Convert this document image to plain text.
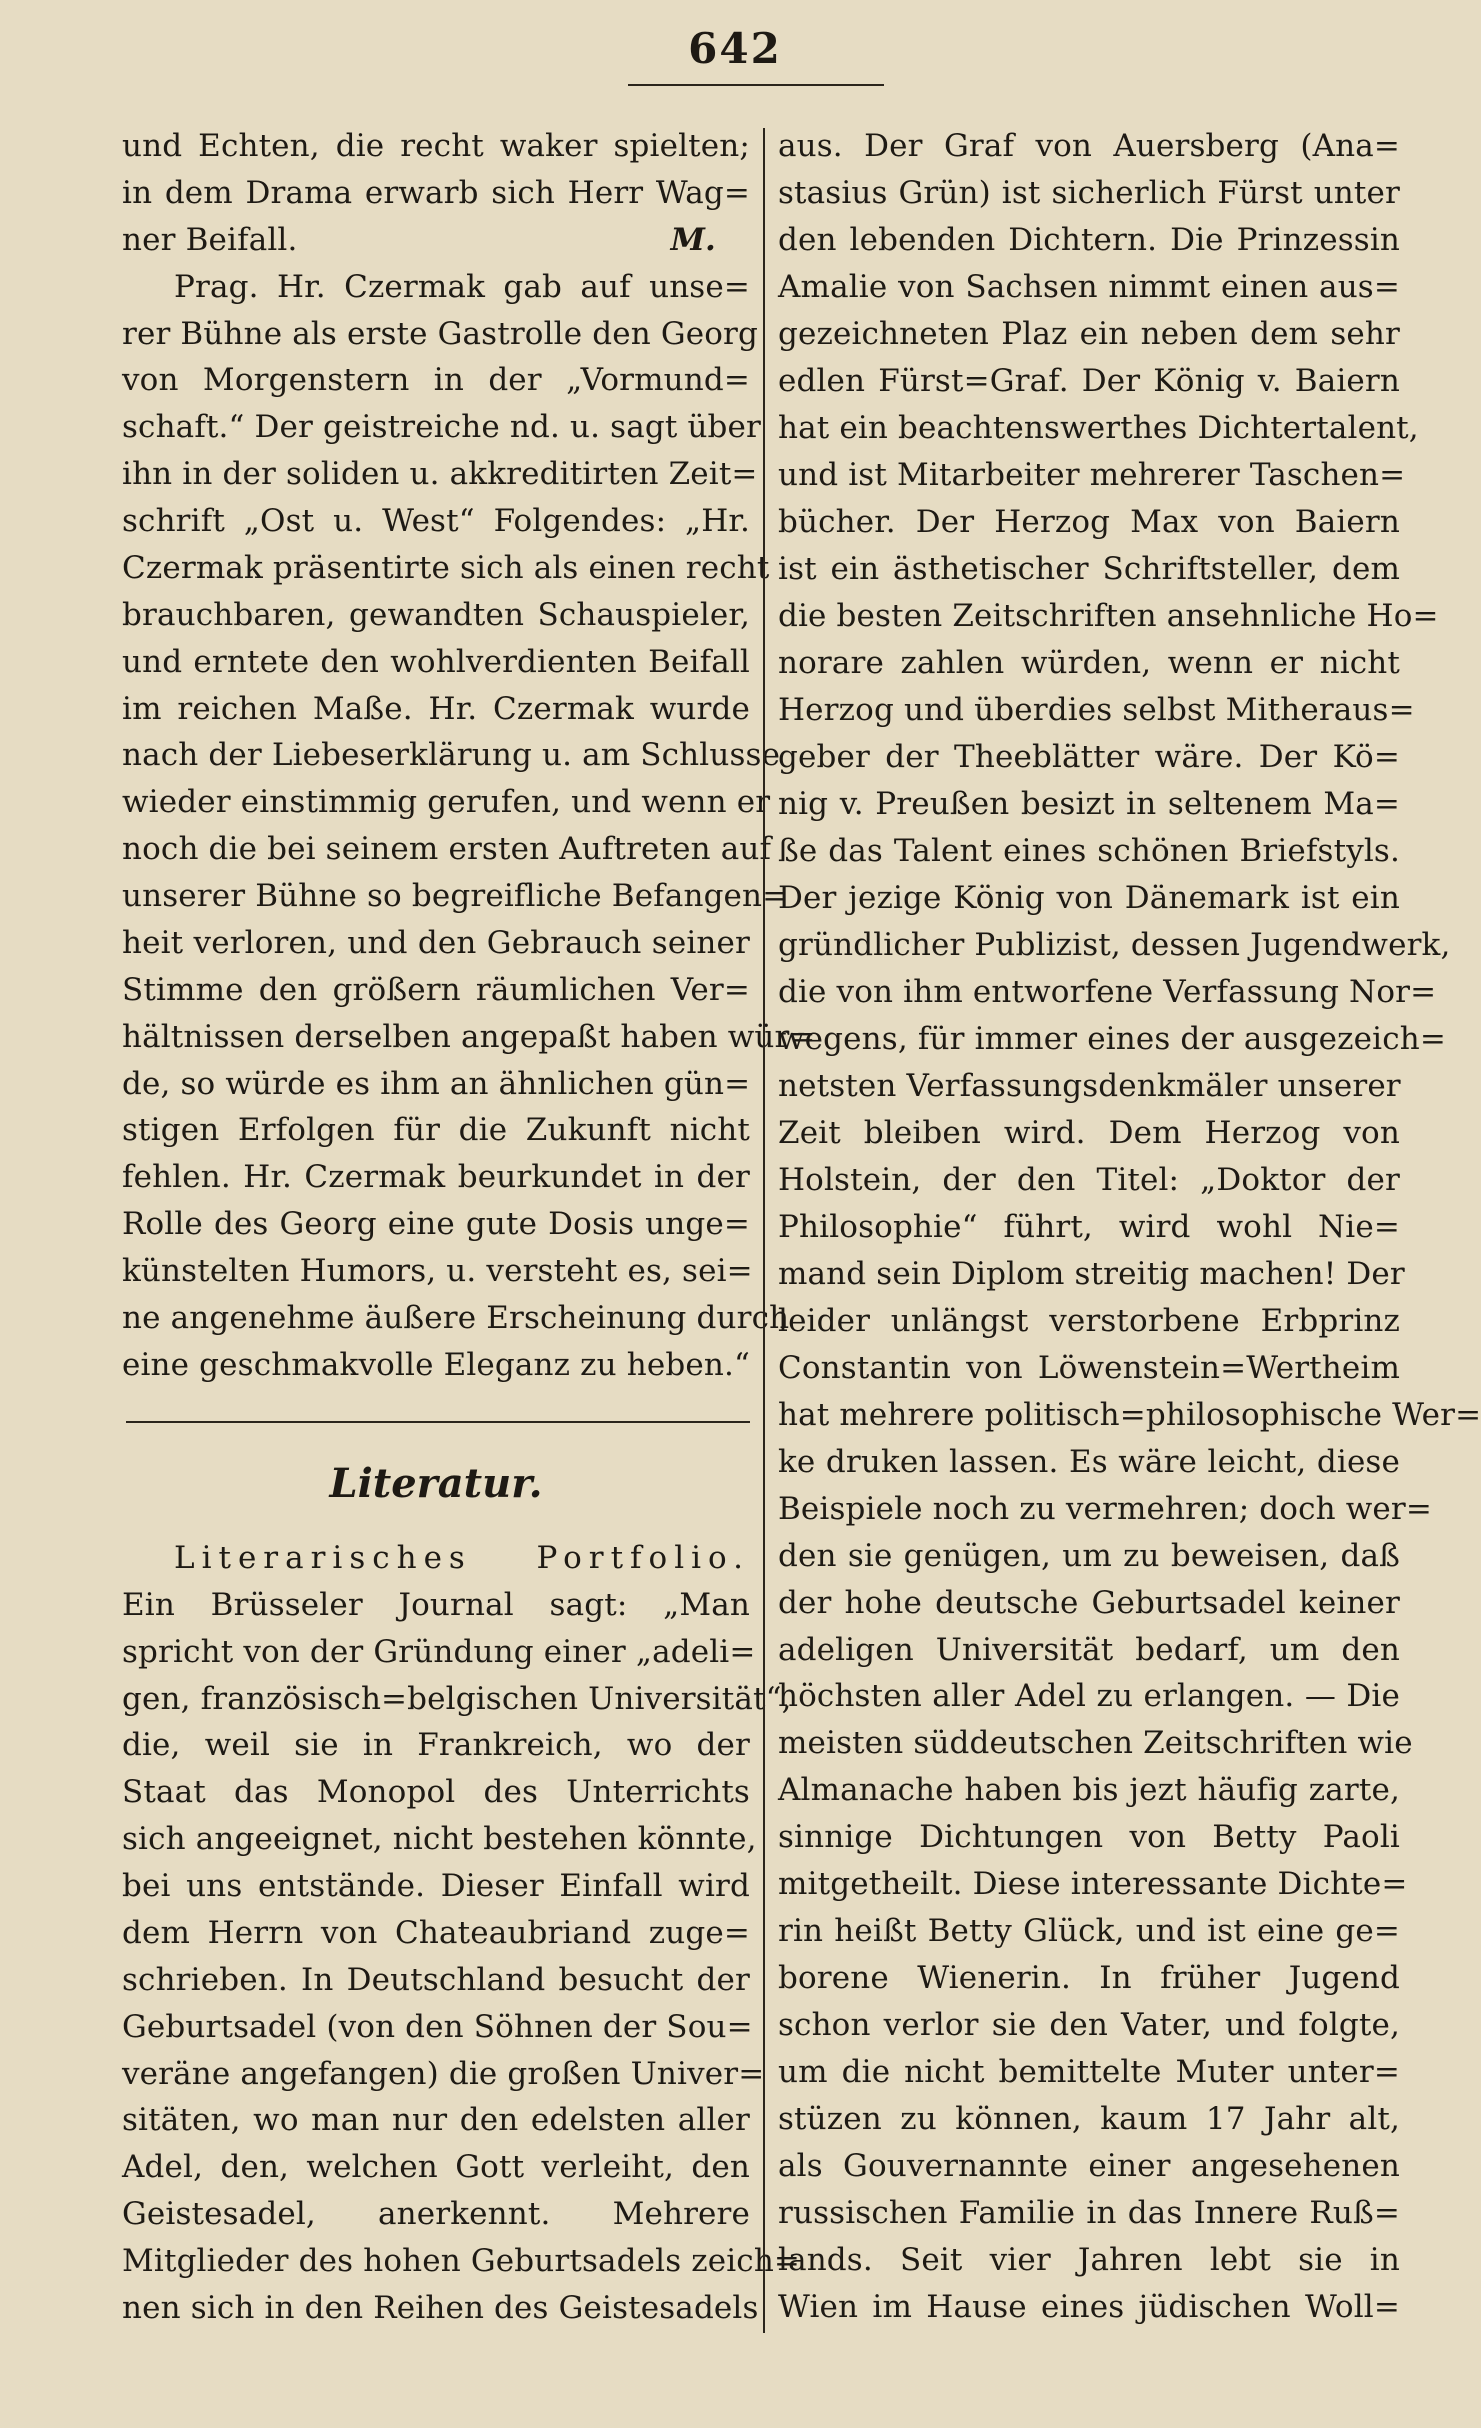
642
und Echten, die recht waker spielten;
in dem Drama erwarb sich Herr Wag=
ner Beifall.	M.
Prag. Hr. Czermak gab auf unse=
rer Bühne als erste Gastrolle den Georg
von Morgenstern in der „Vormund=
schaft.“ Der geistreiche nd. u. sagt über
ihn in der soliden u. akkreditirten Zeit=
schrift „Ost u. West“ Folgendes: „Hr.
Czermak präsentirte sich als einen recht
brauchbaren, gewandten Schauspieler,
und erntete den wohlverdienten Beifall
im reichen Maße. Hr. Czermak wurde
nach der Liebeserklärung u. am Schlusse
wieder einstimmig gerufen, und wenn er
noch die bei seinem ersten Auftreten auf
unserer Bühne so begreifliche Befangen=
heit verloren, und den Gebrauch seiner
Stimme den größern räumlichen Ver=
hältnissen derselben angepaßt haben wür=
de, so würde es ihm an ähnlichen gün=
stigen Erfolgen für die Zukunft nicht
fehlen. Hr. Czermak beurkundet in der
Rolle des Georg eine gute Dosis unge=
künstelten Humors, u. versteht es, sei=
ne angenehme äußere Erscheinung durch
eine geschmakvolle Eleganz zu heben.“
Literatur.
Literarisches Portfolio.
Ein Brüsseler Journal sagt: „Man
spricht von der Gründung einer „adeli=
gen, französisch=belgischen Universität“,
die, weil sie in Frankreich, wo der
Staat das Monopol des Unterrichts
sich angeeignet, nicht bestehen könnte,
bei uns entstände. Dieser Einfall wird
dem Herrn von Chateaubriand zuge=
schrieben. In Deutschland besucht der
Geburtsadel (von den Söhnen der Sou=
veräne angefangen) die großen Univer=
sitäten, wo man nur den edelsten aller
Adel, den, welchen Gott verleiht, den
Geistesadel, anerkennt. Mehrere
Mitglieder des hohen Geburtsadels zeich=
nen sich in den Reihen des Geistesadels
aus. Der Graf von Auersberg (Ana=
stasius Grün) ist sicherlich Fürst unter
den lebenden Dichtern. Die Prinzessin
Amalie von Sachsen nimmt einen aus=
gezeichneten Plaz ein neben dem sehr
edlen Fürst=Graf. Der König v. Baiern
hat ein beachtenswerthes Dichtertalent,
und ist Mitarbeiter mehrerer Taschen=
bücher. Der Herzog Max von Baiern
ist ein ästhetischer Schriftsteller, dem
die besten Zeitschriften ansehnliche Ho=
norare zahlen würden, wenn er nicht
Herzog und überdies selbst Mitheraus=
geber der Theeblätter wäre. Der Kö=
nig v. Preußen besizt in seltenem Ma=
ße das Talent eines schönen Briefstyls.
Der jezige König von Dänemark ist ein
gründlicher Publizist, dessen Jugendwerk,
die von ihm entworfene Verfassung Nor=
wegens, für immer eines der ausgezeich=
netsten Verfassungsdenkmäler unserer
Zeit bleiben wird. Dem Herzog von
Holstein, der den Titel: „Doktor der
Philosophie“ führt, wird wohl Nie=
mand sein Diplom streitig machen! Der
leider unlängst verstorbene Erbprinz
Constantin von Löwenstein=Wertheim
hat mehrere politisch=philosophische Wer=
ke druken lassen. Es wäre leicht, diese
Beispiele noch zu vermehren; doch wer=
den sie genügen, um zu beweisen, daß
der hohe deutsche Geburtsadel keiner
adeligen Universität bedarf, um den
höchsten aller Adel zu erlangen. — Die
meisten süddeutschen Zeitschriften wie
Almanache haben bis jezt häufig zarte,
sinnige Dichtungen von Betty Paoli
mitgetheilt. Diese interessante Dichte=
rin heißt Betty Glück, und ist eine ge=
borene Wienerin. In früher Jugend
schon verlor sie den Vater, und folgte,
um die nicht bemittelte Muter unter=
stüzen zu können, kaum 17 Jahr alt,
als Gouvernannte einer angesehenen
russischen Familie in das Innere Ruß=
lands. Seit vier Jahren lebt sie in
Wien im Hause eines jüdischen Woll=
